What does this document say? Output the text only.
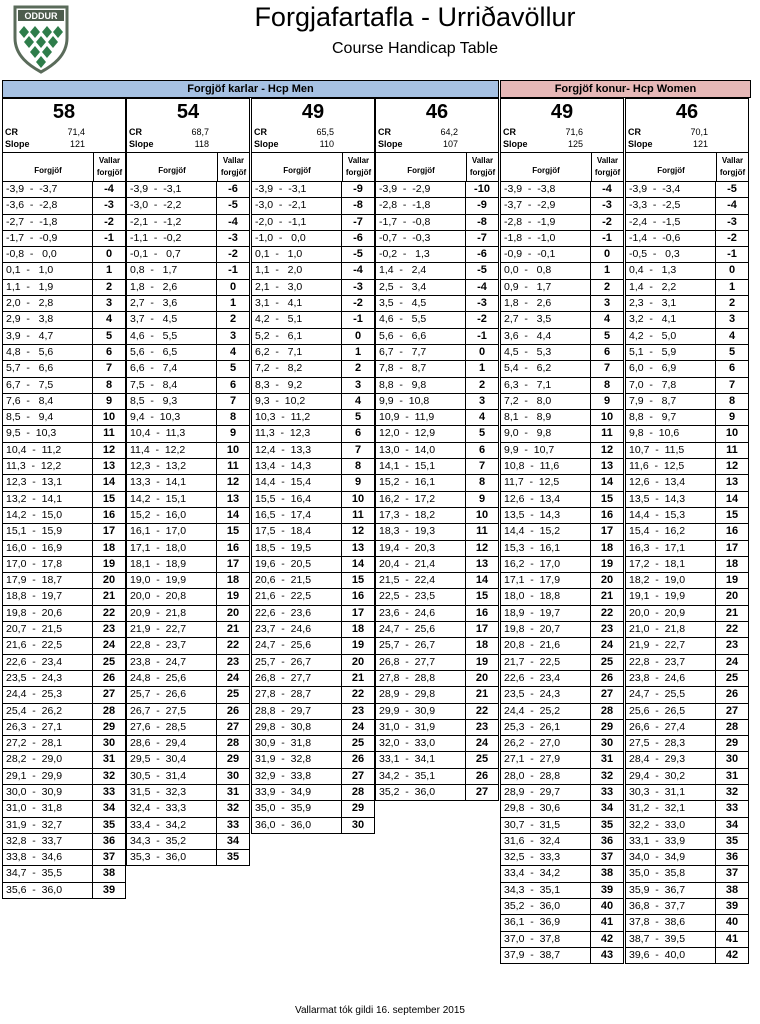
ODDUR	Forgjafartafla - Urriðavöllur
Course Handicap Table
Forgjöf karlar - Hcp Men	Forgjöf konur- Hcp Women
58
CR	71,4
Slope	121
Forgjöf
Vallar
forgjöf
-3,9  -  -3,7	-4
-3,6  -  -2,8	-3
-2,7  -  -1,8	-2
-1,7  -  -0,9	-1
-0,8  -   0,0	0
0,1  -   1,0	1
1,1  -   1,9	2
2,0  -   2,8	3
2,9  -   3,8	4
3,9  -   4,7	5
4,8  -   5,6	6
5,7  -   6,6	7
6,7  -   7,5	8
7,6  -   8,4	9
8,5  -   9,4	10
9,5  -  10,3	11
10,4  -  11,2	12
11,3  -  12,2	13
12,3  -  13,1	14
13,2  -  14,1	15
14,2  -  15,0	16
15,1  -  15,9	17
16,0  -  16,9	18
17,0  -  17,8	19
17,9  -  18,7	20
18,8  -  19,7	21
19,8  -  20,6	22
20,7  -  21,5	23
21,6  -  22,5	24
22,6  -  23,4	25
23,5  -  24,3	26
24,4  -  25,3	27
25,4  -  26,2	28
26,3  -  27,1	29
27,2  -  28,1	30
28,2  -  29,0	31
29,1  -  29,9	32
30,0  -  30,9	33
31,0  -  31,8	34
31,9  -  32,7	35
32,8  -  33,7	36
33,8  -  34,6	37
34,7  -  35,5	38
35,6  -  36,0	39
54
CR	68,7
Slope	118
Forgjöf
Vallar
forgjöf
-3,9  -  -3,1	-6
-3,0  -  -2,2	-5
-2,1  -  -1,2	-4
-1,1  -  -0,2	-3
-0,1  -   0,7	-2
0,8  -   1,7	-1
1,8  -   2,6	0
2,7  -   3,6	1
3,7  -   4,5	2
4,6  -   5,5	3
5,6  -   6,5	4
6,6  -   7,4	5
7,5  -   8,4	6
8,5  -   9,3	7
9,4  -  10,3	8
10,4  -  11,3	9
11,4  -  12,2	10
12,3  -  13,2	11
13,3  -  14,1	12
14,2  -  15,1	13
15,2  -  16,0	14
16,1  -  17,0	15
17,1  -  18,0	16
18,1  -  18,9	17
19,0  -  19,9	18
20,0  -  20,8	19
20,9  -  21,8	20
21,9  -  22,7	21
22,8  -  23,7	22
23,8  -  24,7	23
24,8  -  25,6	24
25,7  -  26,6	25
26,7  -  27,5	26
27,6  -  28,5	27
28,6  -  29,4	28
29,5  -  30,4	29
30,5  -  31,4	30
31,5  -  32,3	31
32,4  -  33,3	32
33,4  -  34,2	33
34,3  -  35,2	34
35,3  -  36,0	35
49
CR	65,5
Slope	110
Forgjöf
Vallar
forgjöf
-3,9  -  -3,1	-9
-3,0  -  -2,1	-8
-2,0  -  -1,1	-7
-1,0  -   0,0	-6
0,1  -   1,0	-5
1,1  -   2,0	-4
2,1  -   3,0	-3
3,1  -   4,1	-2
4,2  -   5,1	-1
5,2  -   6,1	0
6,2  -   7,1	1
7,2  -   8,2	2
8,3  -   9,2	3
9,3  -  10,2	4
10,3  -  11,2	5
11,3  -  12,3	6
12,4  -  13,3	7
13,4  -  14,3	8
14,4  -  15,4	9
15,5  -  16,4	10
16,5  -  17,4	11
17,5  -  18,4	12
18,5  -  19,5	13
19,6  -  20,5	14
20,6  -  21,5	15
21,6  -  22,5	16
22,6  -  23,6	17
23,7  -  24,6	18
24,7  -  25,6	19
25,7  -  26,7	20
26,8  -  27,7	21
27,8  -  28,7	22
28,8  -  29,7	23
29,8  -  30,8	24
30,9  -  31,8	25
31,9  -  32,8	26
32,9  -  33,8	27
33,9  -  34,9	28
35,0  -  35,9	29
36,0  -  36,0	30
46
CR	64,2
Slope	107
Forgjöf
Vallar
forgjöf
-3,9  -  -2,9	-10
-2,8  -  -1,8	-9
-1,7  -  -0,8	-8
-0,7  -  -0,3	-7
-0,2  -   1,3	-6
1,4  -   2,4	-5
2,5  -   3,4	-4
3,5  -   4,5	-3
4,6  -   5,5	-2
5,6  -   6,6	-1
6,7  -   7,7	0
7,8  -   8,7	1
8,8  -   9,8	2
9,9  -  10,8	3
10,9  -  11,9	4
12,0  -  12,9	5
13,0  -  14,0	6
14,1  -  15,1	7
15,2  -  16,1	8
16,2  -  17,2	9
17,3  -  18,2	10
18,3  -  19,3	11
19,4  -  20,3	12
20,4  -  21,4	13
21,5  -  22,4	14
22,5  -  23,5	15
23,6  -  24,6	16
24,7  -  25,6	17
25,7  -  26,7	18
26,8  -  27,7	19
27,8  -  28,8	20
28,9  -  29,8	21
29,9  -  30,9	22
31,0  -  31,9	23
32,0  -  33,0	24
33,1  -  34,1	25
34,2  -  35,1	26
35,2  -  36,0	27
49
CR	71,6
Slope	125
Forgjöf
Vallar
forgjöf
-3,9  -  -3,8	-4
-3,7  -  -2,9	-3
-2,8  -  -1,9	-2
-1,8  -  -1,0	-1
-0,9  -  -0,1	0
0,0  -   0,8	1
0,9  -   1,7	2
1,8  -   2,6	3
2,7  -   3,5	4
3,6  -   4,4	5
4,5  -   5,3	6
5,4  -   6,2	7
6,3  -   7,1	8
7,2  -   8,0	9
8,1  -   8,9	10
9,0  -   9,8	11
9,9  -  10,7	12
10,8  -  11,6	13
11,7  -  12,5	14
12,6  -  13,4	15
13,5  -  14,3	16
14,4  -  15,2	17
15,3  -  16,1	18
16,2  -  17,0	19
17,1  -  17,9	20
18,0  -  18,8	21
18,9  -  19,7	22
19,8  -  20,7	23
20,8  -  21,6	24
21,7  -  22,5	25
22,6  -  23,4	26
23,5  -  24,3	27
24,4  -  25,2	28
25,3  -  26,1	29
26,2  -  27,0	30
27,1  -  27,9	31
28,0  -  28,8	32
28,9  -  29,7	33
29,8  -  30,6	34
30,7  -  31,5	35
31,6  -  32,4	36
32,5  -  33,3	37
33,4  -  34,2	38
34,3  -  35,1	39
35,2  -  36,0	40
36,1  -  36,9	41
37,0  -  37,8	42
37,9  -  38,7	43
46
CR	70,1
Slope	121
Forgjöf
Vallar
forgjöf
-3,9  -  -3,4	-5
-3,3  -  -2,5	-4
-2,4  -  -1,5	-3
-1,4  -  -0,6	-2
-0,5  -   0,3	-1
0,4  -   1,3	0
1,4  -   2,2	1
2,3  -   3,1	2
3,2  -   4,1	3
4,2  -   5,0	4
5,1  -   5,9	5
6,0  -   6,9	6
7,0  -   7,8	7
7,9  -   8,7	8
8,8  -   9,7	9
9,8  -  10,6	10
10,7  -  11,5	11
11,6  -  12,5	12
12,6  -  13,4	13
13,5  -  14,3	14
14,4  -  15,3	15
15,4  -  16,2	16
16,3  -  17,1	17
17,2  -  18,1	18
18,2  -  19,0	19
19,1  -  19,9	20
20,0  -  20,9	21
21,0  -  21,8	22
21,9  -  22,7	23
22,8  -  23,7	24
23,8  -  24,6	25
24,7  -  25,5	26
25,6  -  26,5	27
26,6  -  27,4	28
27,5  -  28,3	29
28,4  -  29,3	30
29,4  -  30,2	31
30,3  -  31,1	32
31,2  -  32,1	33
32,2  -  33,0	34
33,1  -  33,9	35
34,0  -  34,9	36
35,0  -  35,8	37
35,9  -  36,7	38
36,8  -  37,7	39
37,8  -  38,6	40
38,7  -  39,5	41
39,6  -  40,0	42
Vallarmat tók gildi 16. september 2015
